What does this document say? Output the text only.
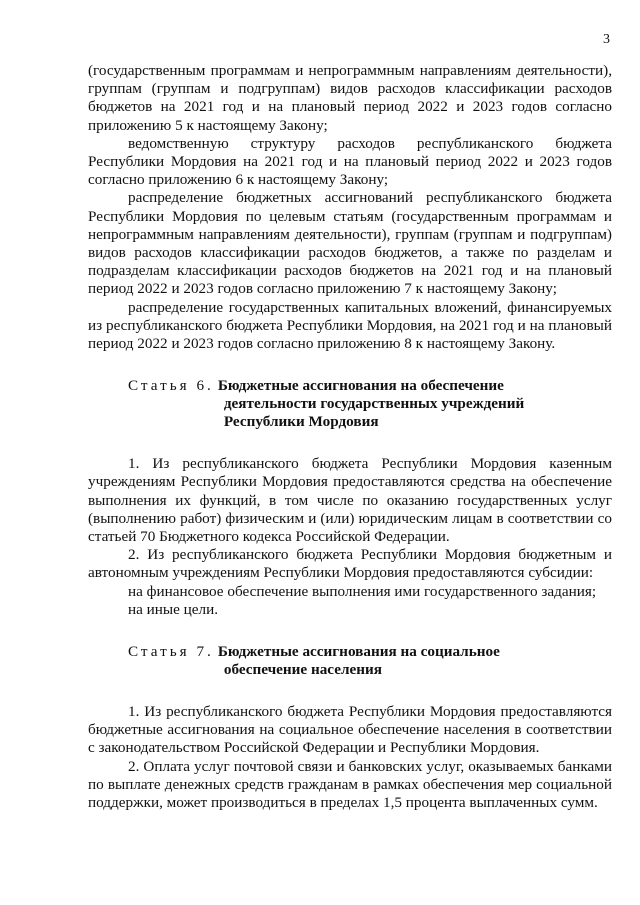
3

(государственным программам и непрограммным направлениям деятельности), группам (группам и подгруппам) видов расходов классификации расходов бюджетов на 2021 год и на плановый период 2022 и 2023 годов согласно приложению 5 к настоящему Закону;

ведомственную структуру расходов республиканского бюджета Республики Мордовия на 2021 год и на плановый период 2022 и 2023 годов согласно приложению 6 к настоящему Закону;

распределение бюджетных ассигнований республиканского бюджета Республики Мордовия по целевым статьям (государственным программам и непрограммным направлениям деятельности), группам (группам и подгруппам) видов расходов классификации расходов бюджетов, а также по разделам и подразделам классификации расходов бюджетов на 2021 год и на плановый период 2022 и 2023 годов согласно приложению 7 к настоящему Закону;

распределение государственных капитальных вложений, финансируемых из республиканского бюджета Республики Мордовия, на 2021 год и на плановый период 2022 и 2023 годов согласно приложению 8 к настоящему Закону.

Статья 6. Бюджетные ассигнования на обеспечение
деятельности государственных учреждений
Республики Мордовия

1. Из республиканского бюджета Республики Мордовия казенным учреждениям Республики Мордовия предоставляются средства на обеспечение выполнения их функций, в том числе по оказанию государственных услуг (выполнению работ) физическим и (или) юридическим лицам в соответствии со статьей 70 Бюджетного кодекса Российской Федерации.

2. Из республиканского бюджета Республики Мордовия бюджетным и автономным учреждениям Республики Мордовия предоставляются субсидии:

на финансовое обеспечение выполнения ими государственного задания;

на иные цели.

Статья 7. Бюджетные ассигнования на социальное
обеспечение населения

1. Из республиканского бюджета Республики Мордовия предоставляются бюджетные ассигнования на социальное обеспечение населения в соответствии с законодательством Российской Федерации и Республики Мордовия.

2. Оплата услуг почтовой связи и банковских услуг, оказываемых банками по выплате денежных средств гражданам в рамках обеспечения мер социальной поддержки, может производиться в пределах 1,5 процента выплаченных сумм.
